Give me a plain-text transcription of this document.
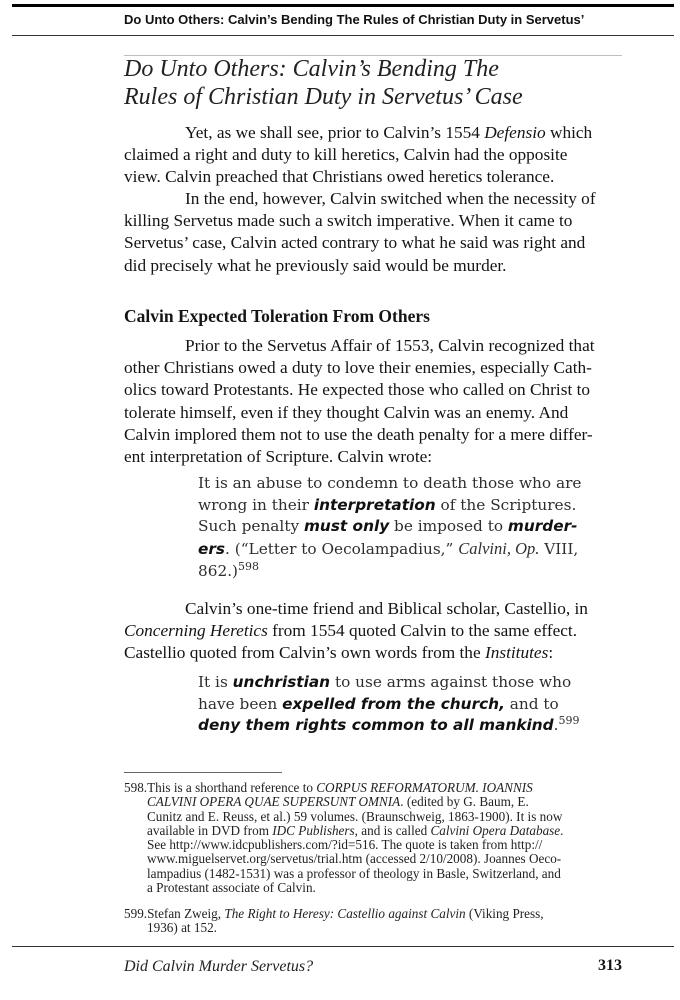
Do Unto Others: Calvin’s Bending The Rules of Christian Duty in Servetus’
Do Unto Others: Calvin’s Bending The
Rules of Christian Duty in Servetus’ Case

Yet, as we shall see, prior to Calvin’s 1554 Defensio which
claimed a right and duty to kill heretics, Calvin had the opposite
view. Calvin preached that Christians owed heretics tolerance.

In the end, however, Calvin switched when the necessity of
killing Servetus made such a switch imperative. When it came to
Servetus’ case, Calvin acted contrary to what he said was right and
did precisely what he previously said would be murder.

Calvin Expected Toleration From Others

Prior to the Servetus Affair of 1553, Calvin recognized that
other Christians owed a duty to love their enemies, especially Cath-
olics toward Protestants. He expected those who called on Christ to
tolerate himself, even if they thought Calvin was an enemy. And
Calvin implored them not to use the death penalty for a mere differ-
ent interpretation of Scripture. Calvin wrote:

It is an abuse to condemn to death those who are
wrong in their interpretation of the Scriptures.
Such penalty must only be imposed to murder-
ers. (“Letter to Oecolampadius,” Calvini, Op. VIII,
862.)$^{598}$

Calvin’s one-time friend and Biblical scholar, Castellio, in
Concerning Heretics from 1554 quoted Calvin to the same effect.
Castellio quoted from Calvin’s own words from the Institutes:

It is unchristian to use arms against those who
have been expelled from the church, and to
deny them rights common to all mankind.$^{599}$
598.This is a shorthand reference to CORPUS REFORMATORUM. IOANNIS
CALVINI OPERA QUAE SUPERSUNT OMNIA. (edited by G. Baum, E.
Cunitz and E. Reuss, et al.) 59 volumes. (Braunschweig, 1863-1900). It is now
available in DVD from IDC Publishers, and is called Calvini Opera Database.
See http://www.idcpublishers.com/?id=516. The quote is taken from http://
www.miguelservet.org/servetus/trial.htm (accessed 2/10/2008). Joannes Oeco-
lampadius (1482-1531) was a professor of theology in Basle, Switzerland, and
a Protestant associate of Calvin.
599.Stefan Zweig, The Right to Heresy: Castellio against Calvin (Viking Press,
1936) at 152.
Did Calvin Murder Servetus?	313
